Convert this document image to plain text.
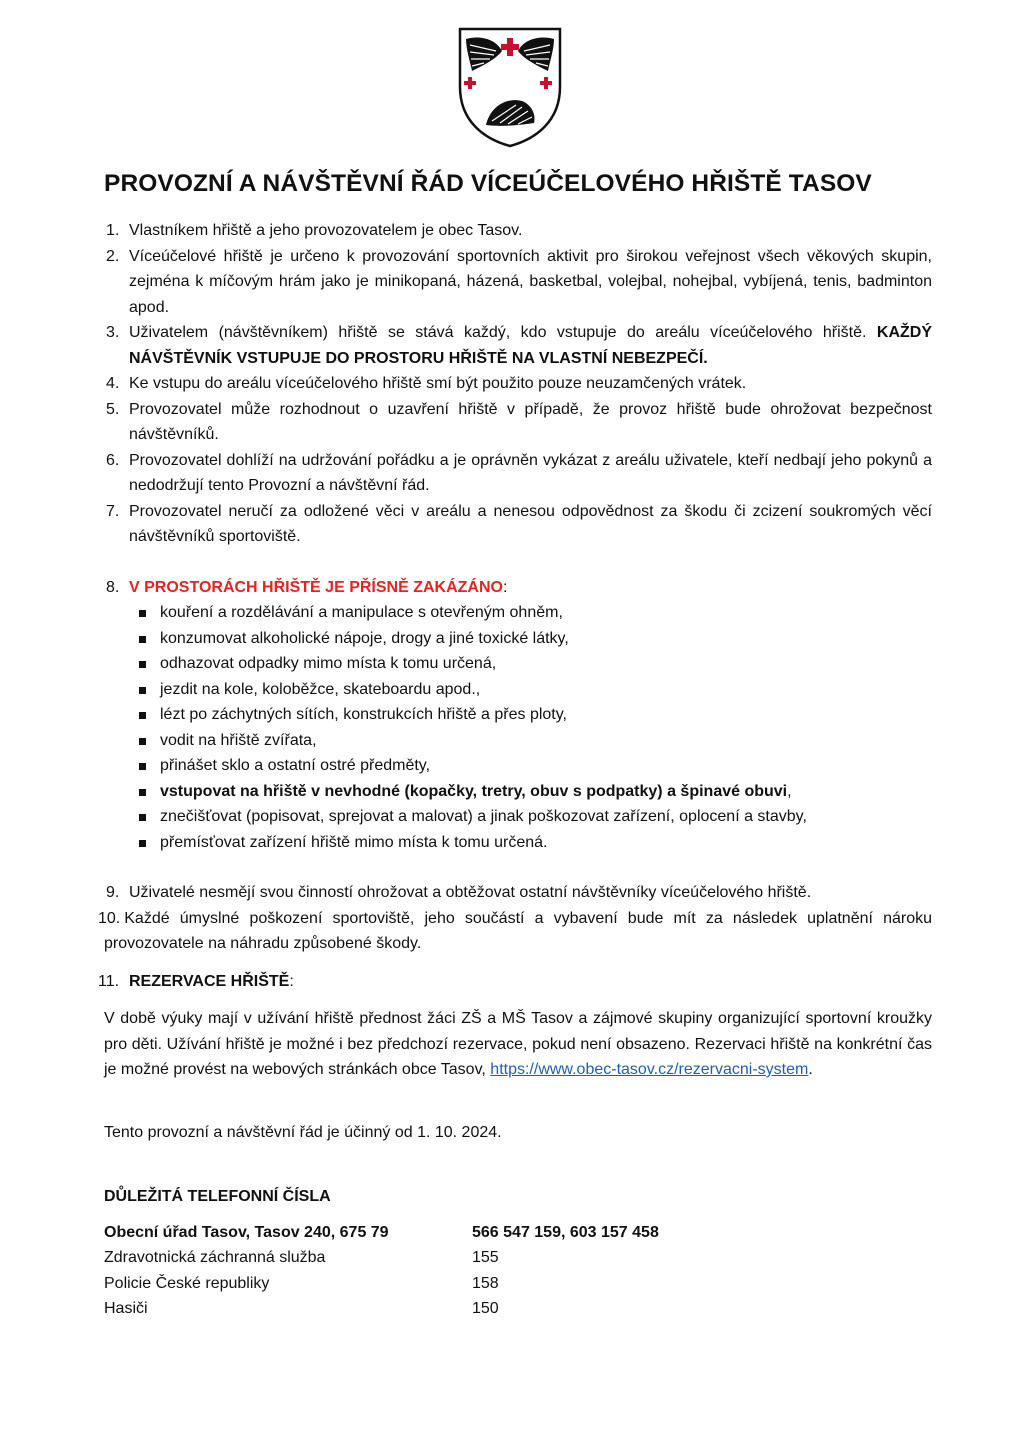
PROVOZNÍ A NÁVŠTĚVNÍ ŘÁD VÍCEÚČELOVÉHO HŘIŠTĚ TASOV
1. Vlastníkem hřiště a jeho provozovatelem je obec Tasov.
2. Víceúčelové hřiště je určeno k provozování sportovních aktivit pro širokou veřejnost všech věkových skupin, zejména k míčovým hrám jako je minikopaná, házená, basketbal, volejbal, nohejbal, vybíjená, tenis, badminton apod.
3. Uživatelem (návštěvníkem) hřiště se stává každý, kdo vstupuje do areálu víceúčelového hřiště. KAŽDÝ NÁVŠTĚVNÍK VSTUPUJE DO PROSTORU HŘIŠTĚ NA VLASTNÍ NEBEZPEČÍ.
4. Ke vstupu do areálu víceúčelového hřiště smí být použito pouze neuzamčených vrátek.
5. Provozovatel může rozhodnout o uzavření hřiště v případě, že provoz hřiště bude ohrožovat bezpečnost návštěvníků.
6. Provozovatel dohlíží na udržování pořádku a je oprávněn vykázat z areálu uživatele, kteří nedbají jeho pokynů a nedodržují tento Provozní a návštěvní řád.
7. Provozovatel neručí za odložené věci v areálu a nenesou odpovědnost za škodu či zcizení soukromých věcí návštěvníků sportoviště.
8. V PROSTORÁCH HŘIŠTĚ JE PŘÍSNĚ ZAKÁZÁNO:
kouření a rozdělávání a manipulace s otevřeným ohněm,
konzumovat alkoholické nápoje, drogy a jiné toxické látky,
odhazovat odpadky mimo místa k tomu určená,
jezdit na kole, koloběžce, skateboardu apod.,
lézt po záchytných sítích, konstrukcích hřiště a přes ploty,
vodit na hřiště zvířata,
přinášet sklo a ostatní ostré předměty,
vstupovat na hřiště v nevhodné (kopačky, tretry, obuv s podpatky) a špinavé obuvi,
znečišťovat (popisovat, sprejovat a malovat) a jinak poškozovat zařízení, oplocení a stavby,
přemísťovat zařízení hřiště mimo místa k tomu určená.
9. Uživatelé nesmějí svou činností ohrožovat a obtěžovat ostatní návštěvníky víceúčelového hřiště.
10. Každé úmyslné poškození sportoviště, jeho součástí a vybavení bude mít za následek uplatnění nároku provozovatele na náhradu způsobené škody.
11. REZERVACE HŘIŠTĚ:
V době výuky mají v užívání hřiště přednost žáci ZŠ a MŠ Tasov a zájmové skupiny organizující sportovní kroužky pro děti. Užívání hřiště je možné i bez předchozí rezervace, pokud není obsazeno. Rezervaci hřiště na konkrétní čas je možné provést na webových stránkách obce Tasov, https://www.obec-tasov.cz/rezervacni-system.
Tento provozní a návštěvní řád je účinný od 1. 10. 2024.
DŮLEŽITÁ TELEFONNÍ ČÍSLA
Obecní úřad Tasov, Tasov 240, 675 79	566 547 159, 603 157 458
Zdravotnická záchranná služba	155
Policie České republiky	158
Hasiči	150
